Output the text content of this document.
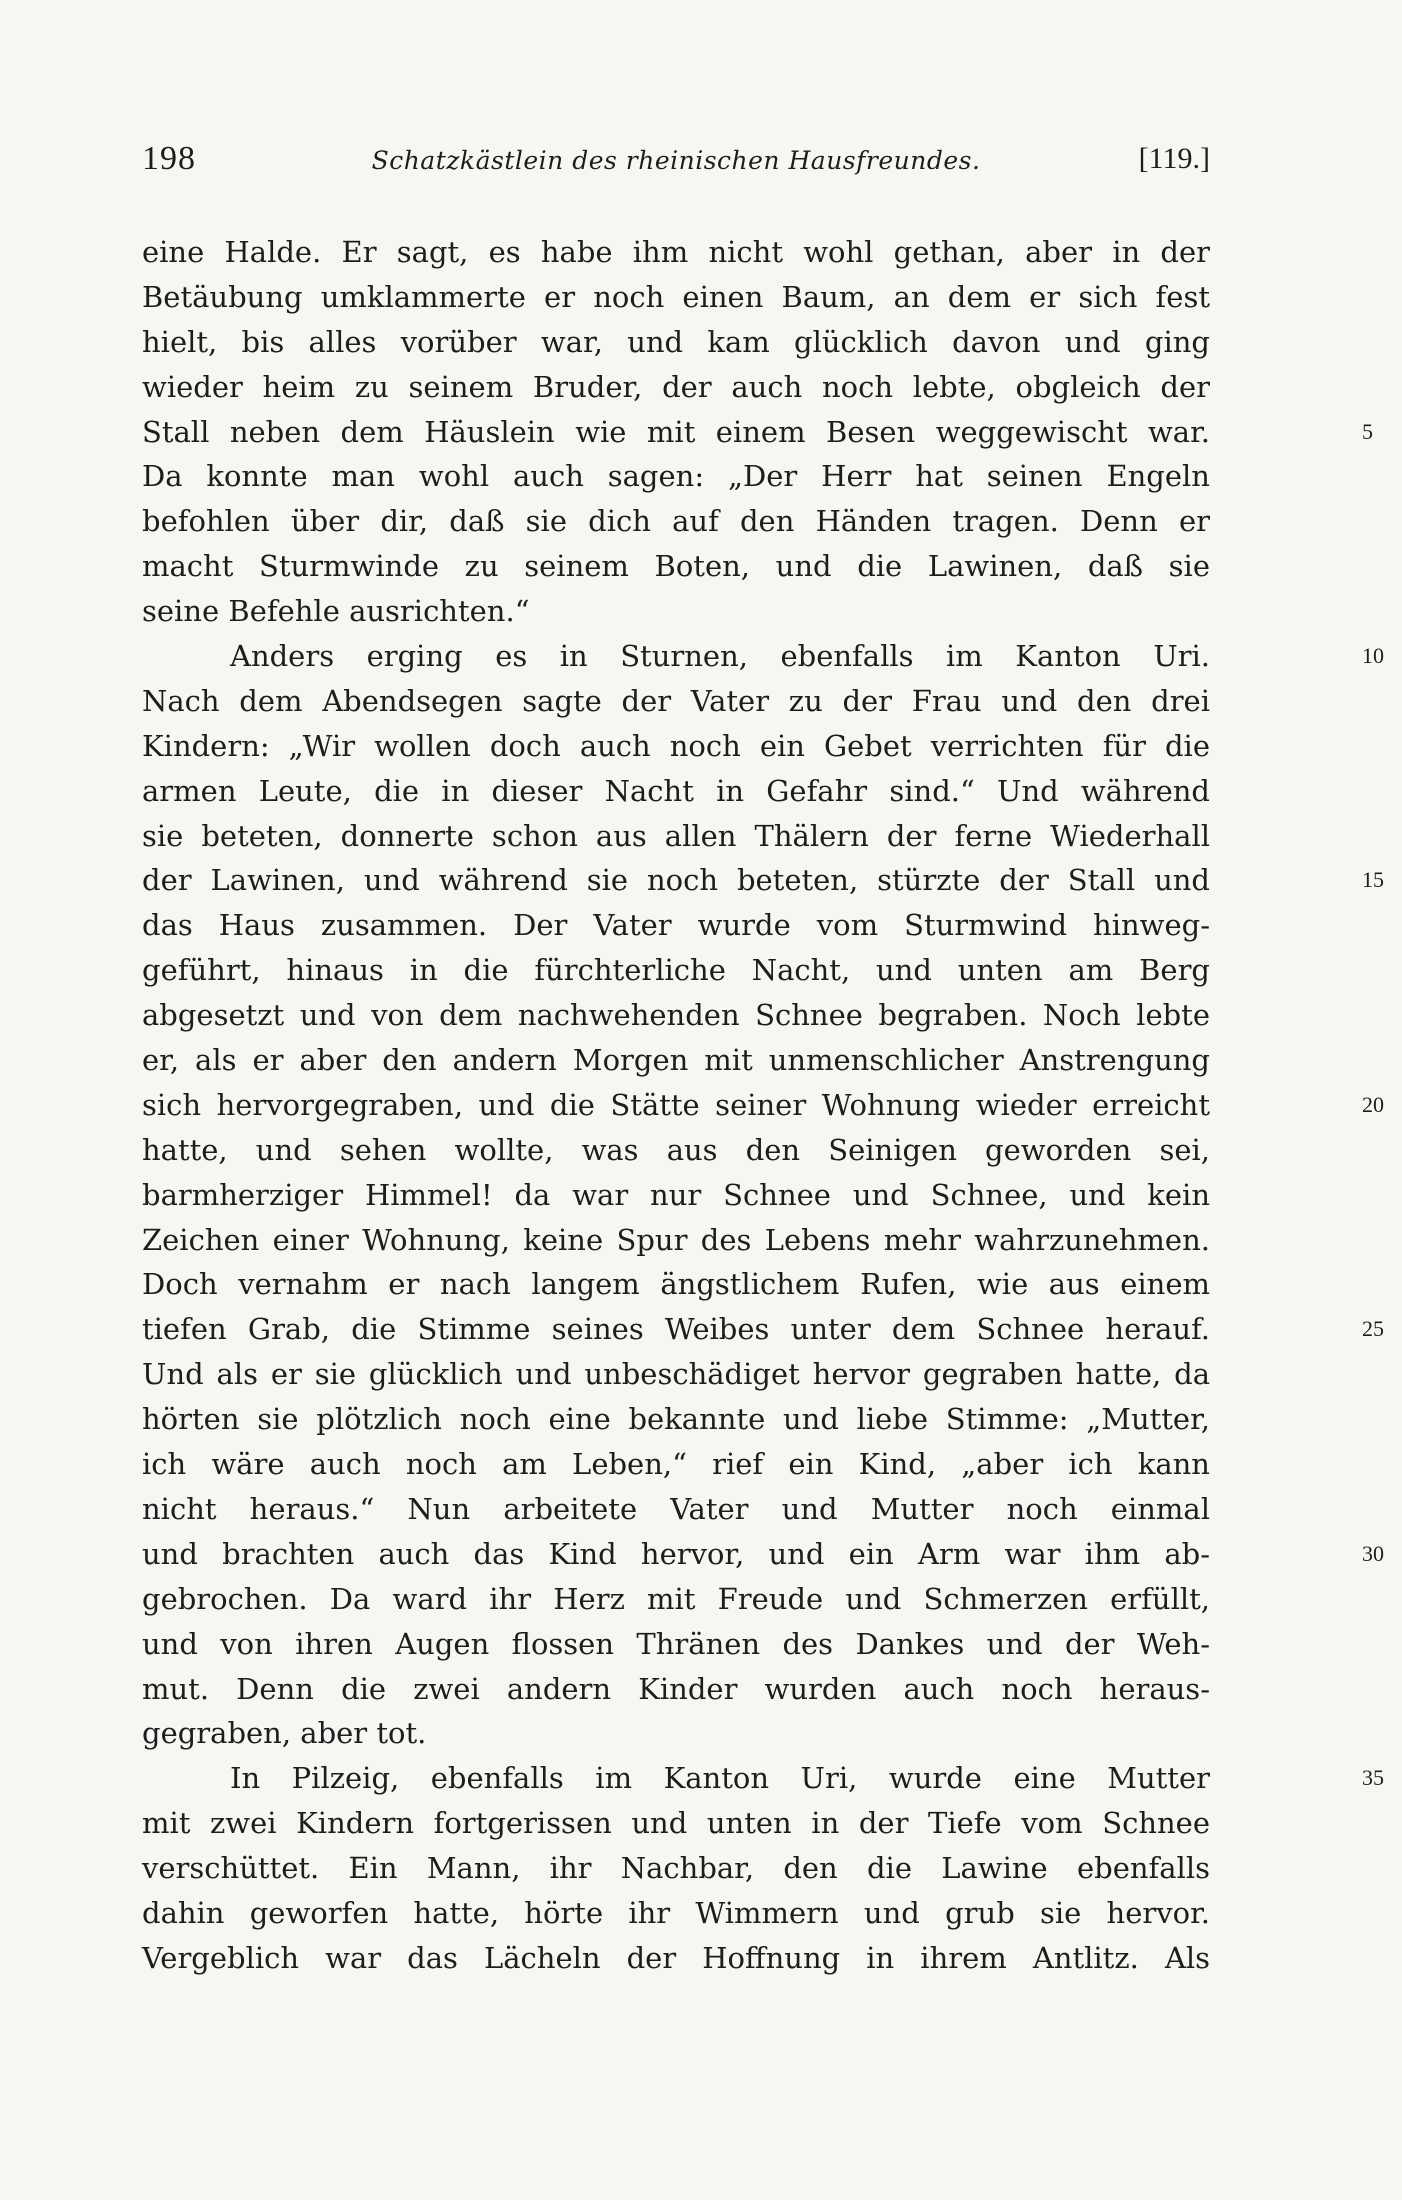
198	Schatzkästlein des rheinischen Hausfreundes.	[119.]
eine Halde. Er sagt, es habe ihm nicht wohl gethan, aber in der
Betäubung umklammerte er noch einen Baum, an dem er sich fest
hielt, bis alles vorüber war, und kam glücklich davon und ging
wieder heim zu seinem Bruder, der auch noch lebte, obgleich der
Stall neben dem Häuslein wie mit einem Besen weggewischt war.	5
Da konnte man wohl auch sagen: „Der Herr hat seinen Engeln
befohlen über dir, daß sie dich auf den Händen tragen. Denn er
macht Sturmwinde zu seinem Boten, und die Lawinen, daß sie
seine Befehle ausrichten.“
Anders erging es in Sturnen, ebenfalls im Kanton Uri.	10
Nach dem Abendsegen sagte der Vater zu der Frau und den drei
Kindern: „Wir wollen doch auch noch ein Gebet verrichten für die
armen Leute, die in dieser Nacht in Gefahr sind.“ Und während
sie beteten, donnerte schon aus allen Thälern der ferne Wiederhall
der Lawinen, und während sie noch beteten, stürzte der Stall und	15
das Haus zusammen. Der Vater wurde vom Sturmwind hinweg-
geführt, hinaus in die fürchterliche Nacht, und unten am Berg
abgesetzt und von dem nachwehenden Schnee begraben. Noch lebte
er, als er aber den andern Morgen mit unmenschlicher Anstrengung
sich hervorgegraben, und die Stätte seiner Wohnung wieder erreicht	20
hatte, und sehen wollte, was aus den Seinigen geworden sei,
barmherziger Himmel! da war nur Schnee und Schnee, und kein
Zeichen einer Wohnung, keine Spur des Lebens mehr wahrzunehmen.
Doch vernahm er nach langem ängstlichem Rufen, wie aus einem
tiefen Grab, die Stimme seines Weibes unter dem Schnee herauf.	25
Und als er sie glücklich und unbeschädiget hervor gegraben hatte, da
hörten sie plötzlich noch eine bekannte und liebe Stimme: „Mutter,
ich wäre auch noch am Leben,“ rief ein Kind, „aber ich kann
nicht heraus.“ Nun arbeitete Vater und Mutter noch einmal
und brachten auch das Kind hervor, und ein Arm war ihm ab-	30
gebrochen. Da ward ihr Herz mit Freude und Schmerzen erfüllt,
und von ihren Augen flossen Thränen des Dankes und der Weh-
mut. Denn die zwei andern Kinder wurden auch noch heraus-
gegraben, aber tot.
In Pilzeig, ebenfalls im Kanton Uri, wurde eine Mutter	35
mit zwei Kindern fortgerissen und unten in der Tiefe vom Schnee
verschüttet. Ein Mann, ihr Nachbar, den die Lawine ebenfalls
dahin geworfen hatte, hörte ihr Wimmern und grub sie hervor.
Vergeblich war das Lächeln der Hoffnung in ihrem Antlitz. Als
